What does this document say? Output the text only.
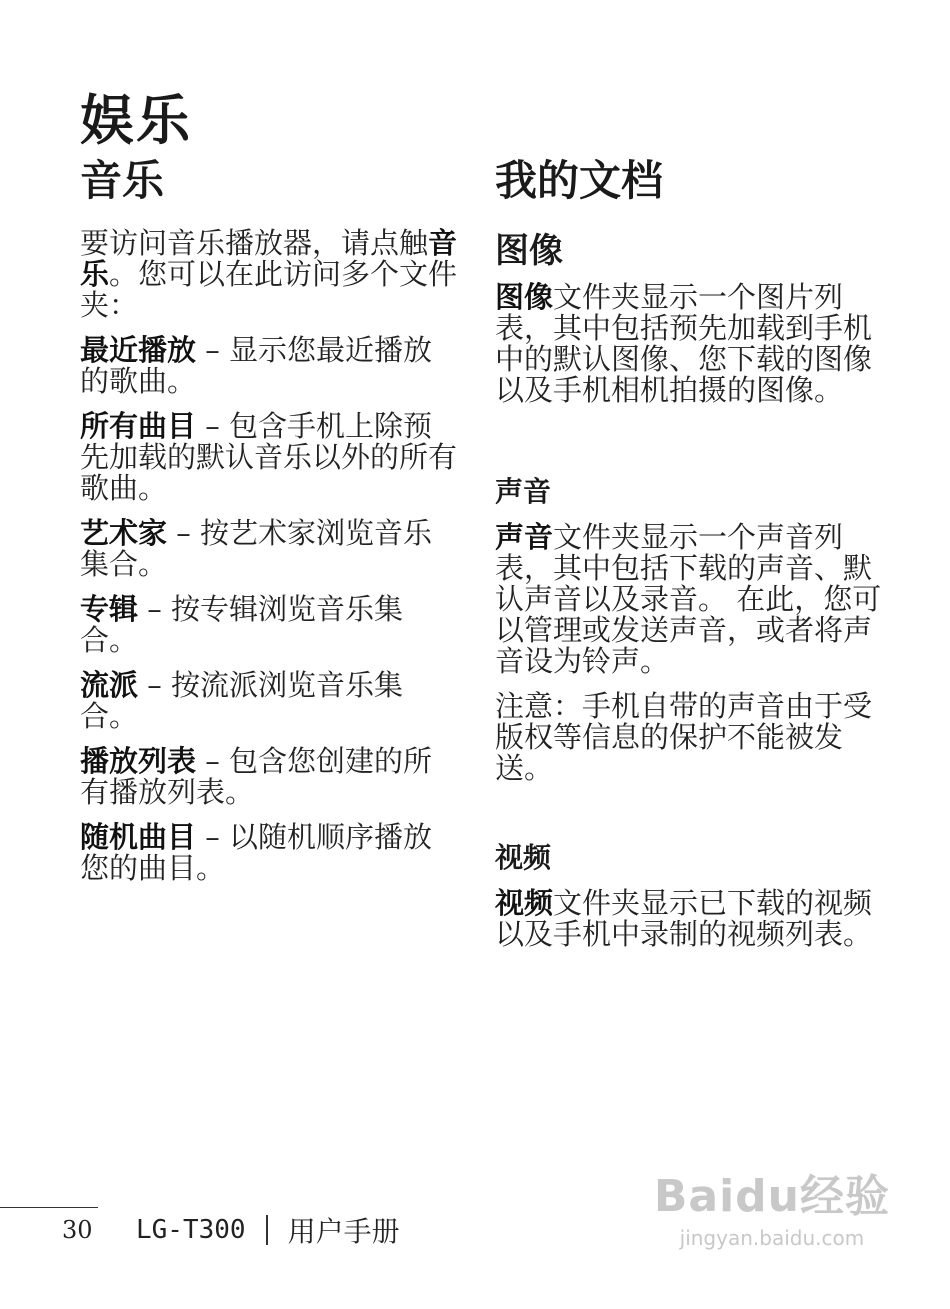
娱乐
音乐

要访问音乐播放器，请点触音乐。您可以在此访问多个文件夹：

最近播放 – 显示您最近播放的歌曲。

所有曲目 – 包含手机上除预先加载的默认音乐以外的所有歌曲。

艺术家 – 按艺术家浏览音乐集合。

专辑 – 按专辑浏览音乐集合。

流派 – 按流派浏览音乐集合。

播放列表 – 包含您创建的所有播放列表。

随机曲目 – 以随机顺序播放您的曲目。

我的文档
图像

图像文件夹显示一个图片列表，其中包括预先加载到手机中的默认图像、您下载的图像以及手机相机拍摄的图像。

声音

声音文件夹显示一个声音列表，其中包括下载的声音、默认声音以及录音。 在此，您可以管理或发送声音，或者将声音设为铃声。

注意：手机自带的声音由于受版权等信息的保护不能被发送。

视频

视频文件夹显示已下载的视频以及手机中录制的视频列表。

30	LG-T300 用户手册
Baidu经验
jingyan.baidu.com
